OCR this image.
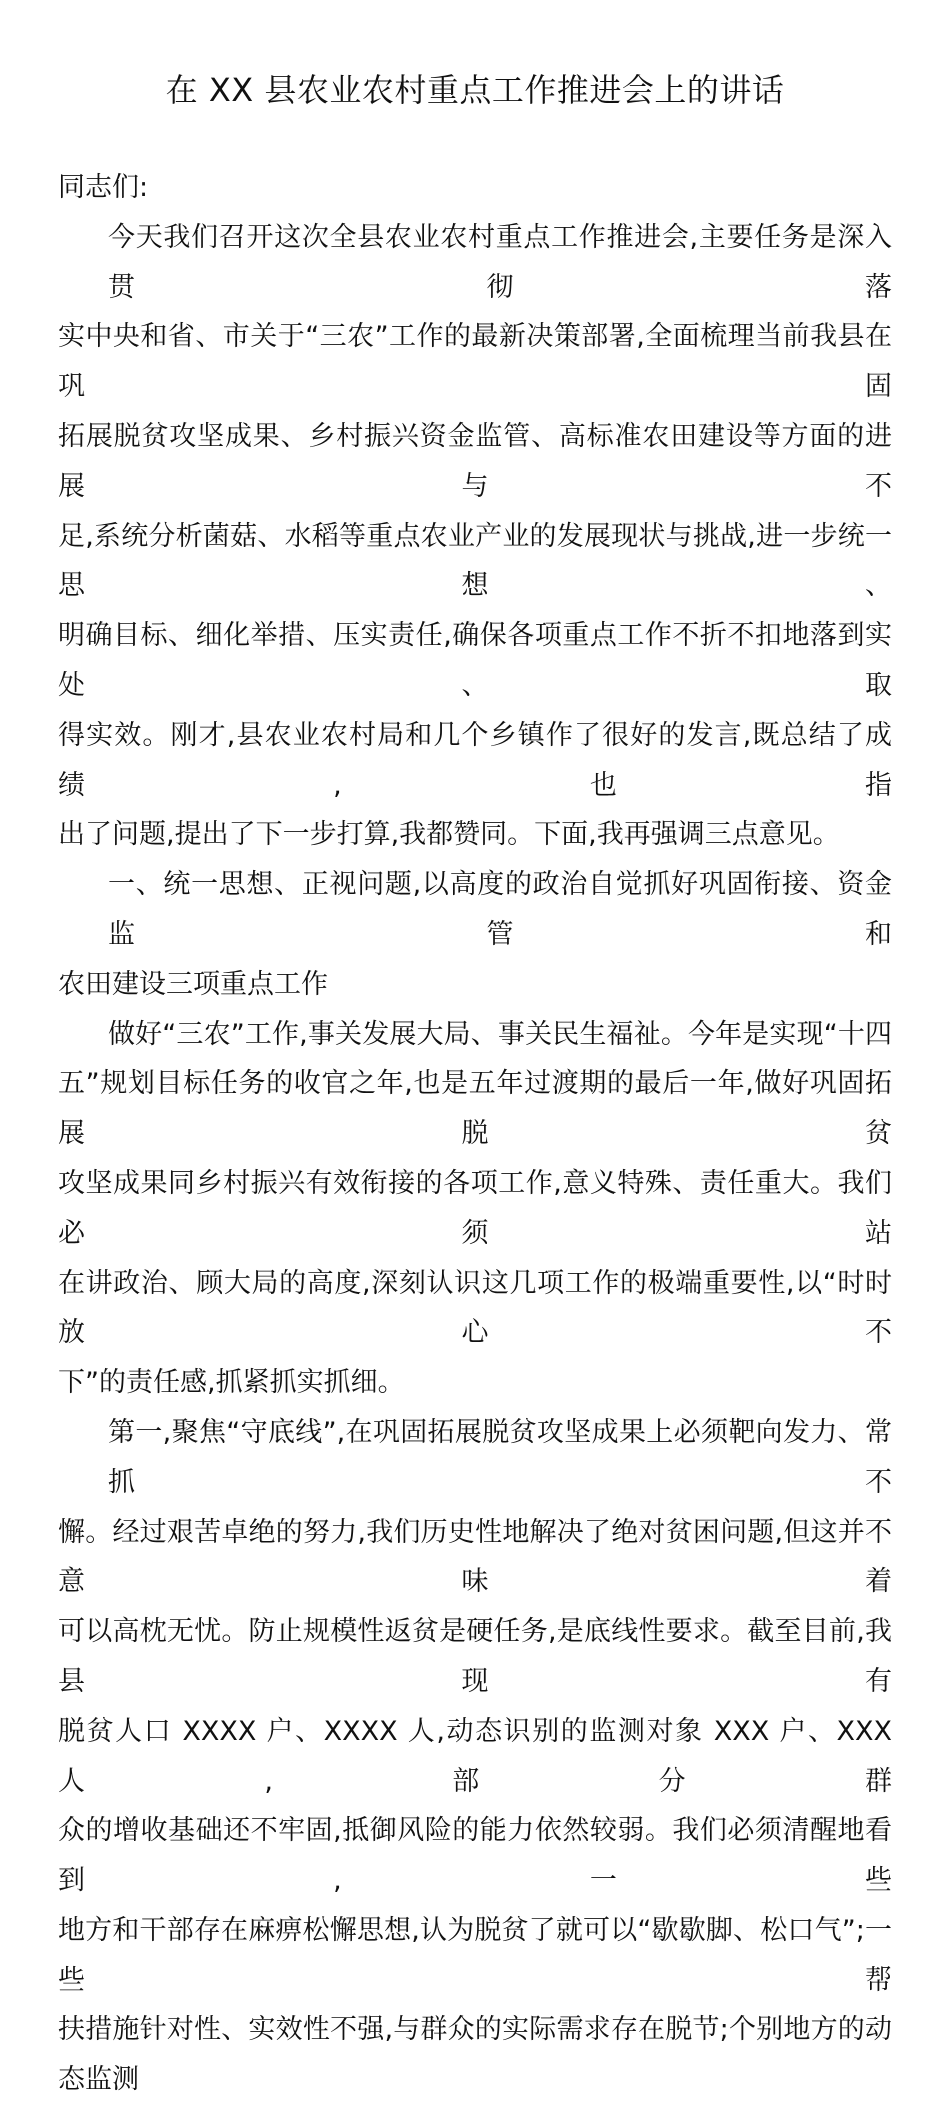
在 XX 县农业农村重点工作推进会上的讲话
同志们:
今天我们召开这次全县农业农村重点工作推进会,主要任务是深入贯彻落
实中央和省、市关于“三农”工作的最新决策部署,全面梳理当前我县在巩固
拓展脱贫攻坚成果、乡村振兴资金监管、高标准农田建设等方面的进展与不
足,系统分析菌菇、水稻等重点农业产业的发展现状与挑战,进一步统一思想、
明确目标、细化举措、压实责任,确保各项重点工作不折不扣地落到实处、取
得实效。刚才,县农业农村局和几个乡镇作了很好的发言,既总结了成绩,也指
出了问题,提出了下一步打算,我都赞同。下面,我再强调三点意见。
一、统一思想、正视问题,以高度的政治自觉抓好巩固衔接、资金监管和
农田建设三项重点工作
做好“三农”工作,事关发展大局、事关民生福祉。今年是实现“十四
五”规划目标任务的收官之年,也是五年过渡期的最后一年,做好巩固拓展脱贫
攻坚成果同乡村振兴有效衔接的各项工作,意义特殊、责任重大。我们必须站
在讲政治、顾大局的高度,深刻认识这几项工作的极端重要性,以“时时放心不
下”的责任感,抓紧抓实抓细。
第一,聚焦“守底线”,在巩固拓展脱贫攻坚成果上必须靶向发力、常抓不
懈。经过艰苦卓绝的努力,我们历史性地解决了绝对贫困问题,但这并不意味着
可以高枕无忧。防止规模性返贫是硬任务,是底线性要求。截至目前,我县现有
脱贫人口 XXXX 户、XXXX 人,动态识别的监测对象 XXX 户、XXX 人,部分群
众的增收基础还不牢固,抵御风险的能力依然较弱。我们必须清醒地看到,一些
地方和干部存在麻痹松懈思想,认为脱贫了就可以“歇歇脚、松口气”;一些帮
扶措施针对性、实效性不强,与群众的实际需求存在脱节;个别地方的动态监测
